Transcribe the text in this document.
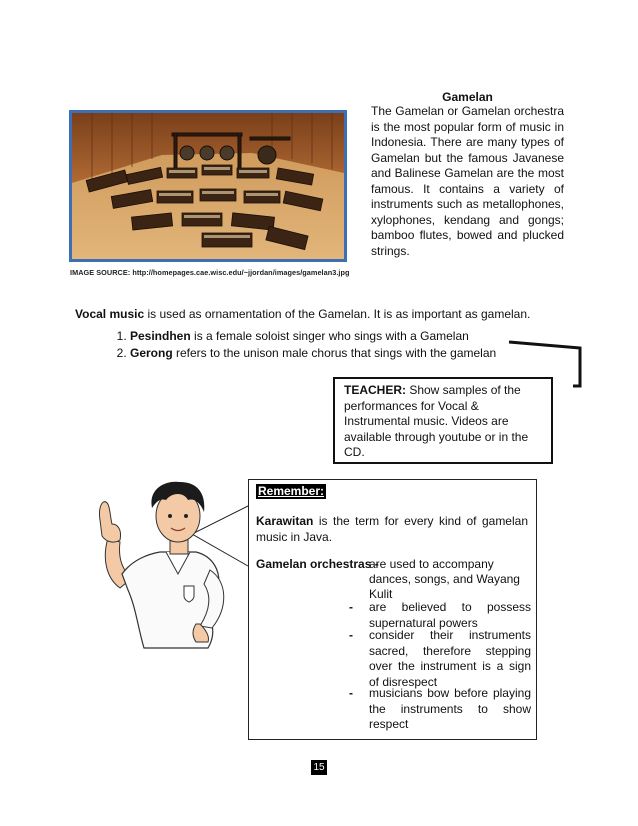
IMAGE SOURCE: http://homepages.cae.wisc.edu/~jjordan/images/gamelan3.jpg
Gamelan
The Gamelan or Gamelan orchestra is the most popular form of music in Indonesia. There are many types of Gamelan but the famous Javanese and Balinese Gamelan are the most famous. It contains a variety of instruments such as metallophones, xylophones, kendang and gongs; bamboo flutes, bowed and plucked strings.
Vocal music is used as ornamentation of the Gamelan. It is as important as gamelan.
1. Pesindhen is a female soloist singer who sings with a Gamelan
2. Gerong refers to the unison male chorus that sings with the gamelan
TEACHER: Show samples of the performances for Vocal & Instrumental music. Videos are available through youtube or in the CD.
Remember:
Karawitan is the term for every kind of gamelan music in Java.
Gamelan orchestras -
are used to accompany dances, songs, and Wayang Kulit
- are believed to possess supernatural powers
- consider their instruments sacred, therefore stepping over the instrument is a sign of disrespect
- musicians bow before playing the instruments to show respect
15
